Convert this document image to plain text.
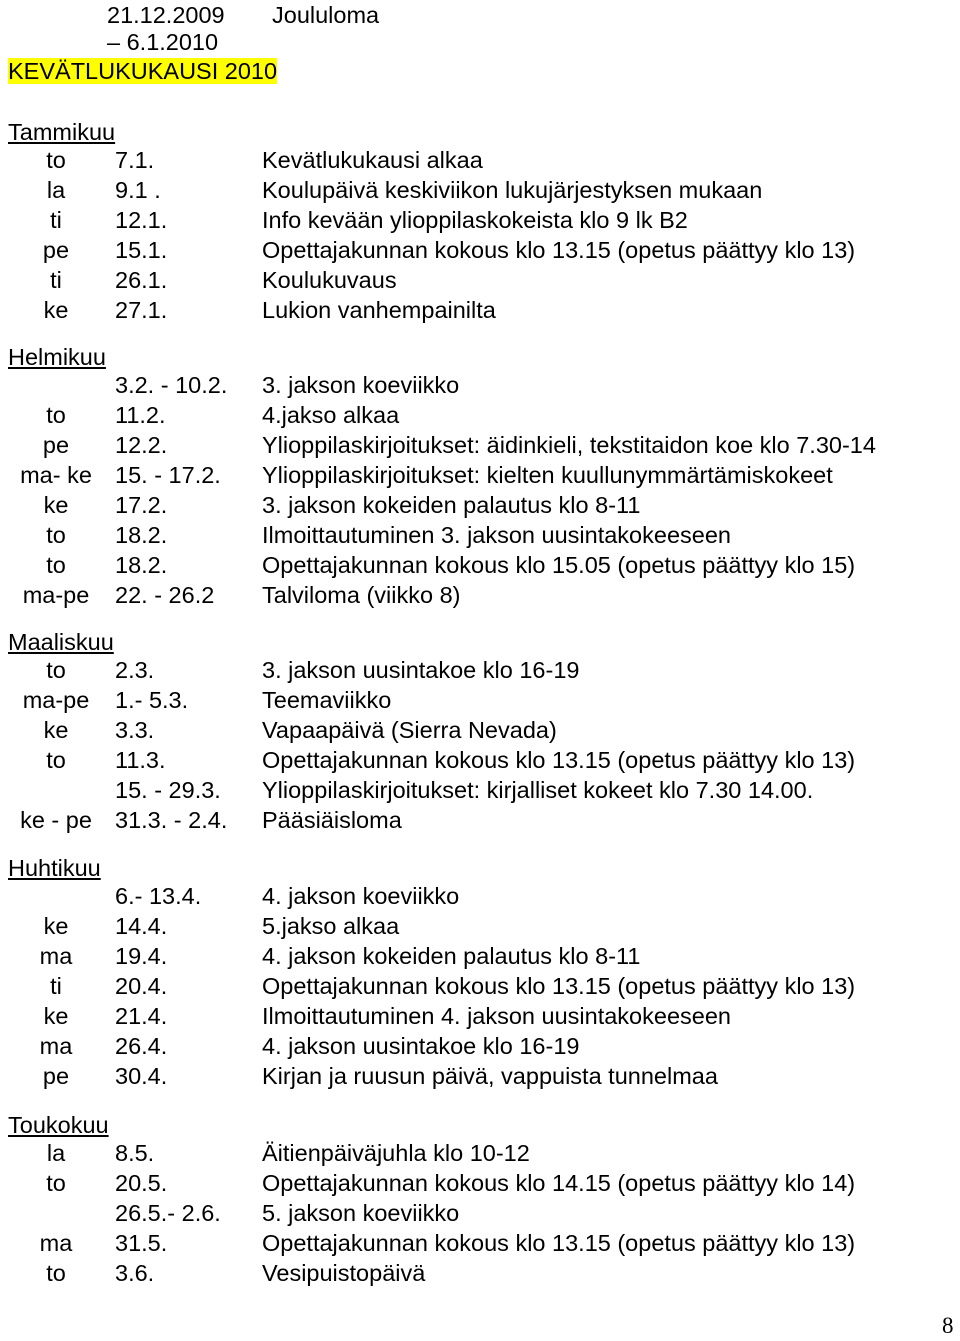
21.12.2009 Joululoma
– 6.1.2010
KEVÄTLUKUKAUSI 2010
Tammikuu
to	7.1.	Kevätlukukausi alkaa
la	9.1 .	Koulupäivä keskiviikon lukujärjestyksen mukaan
ti	12.1.	Info kevään ylioppilaskokeista klo 9 lk B2
pe	15.1.	Opettajakunnan kokous klo 13.15 (opetus päättyy klo 13)
ti	26.1.	Koulukuvaus
ke	27.1.	Lukion vanhempainilta
Helmikuu
3.2. - 10.2. 3. jakson koeviikko
to	11.2.	4.jakso alkaa
pe	12.2.	Ylioppilaskirjoitukset: äidinkieli, tekstitaidon koe klo 7.30-14
ma- ke 15. - 17.2. Ylioppilaskirjoitukset: kielten kuullunymmärtämiskokeet
ke	17.2.	3. jakson kokeiden palautus klo 8-11
to	18.2.	Ilmoittautuminen 3. jakson uusintakokeeseen
to	18.2.	Opettajakunnan kokous klo 15.05 (opetus päättyy klo 15)
ma-pe	22. - 26.2 Talviloma (viikko 8)
Maaliskuu
to	2.3.	3. jakson uusintakoe klo 16-19
ma-pe	1.- 5.3.	Teemaviikko
ke	3.3.	Vapaapäivä (Sierra Nevada)
to	11.3.	Opettajakunnan kokous klo 13.15 (opetus päättyy klo 13)
15. - 29.3. Ylioppilaskirjoitukset: kirjalliset kokeet klo 7.30 14.00.
ke - pe 31.3. - 2.4. Pääsiäisloma
Huhtikuu
6.- 13.4.	4. jakson koeviikko
ke	14.4.	5.jakso alkaa
ma	19.4.	4. jakson kokeiden palautus klo 8-11
ti	20.4.	Opettajakunnan kokous klo 13.15 (opetus päättyy klo 13)
ke	21.4.	Ilmoittautuminen 4. jakson uusintakokeeseen
ma	26.4.	4. jakson uusintakoe klo 16-19
pe	30.4.	Kirjan ja ruusun päivä, vappuista tunnelmaa
Toukokuu
la	8.5.	Äitienpäiväjuhla klo 10-12
to	20.5.	Opettajakunnan kokous klo 14.15 (opetus päättyy klo 14)
26.5.- 2.6. 5. jakson koeviikko
ma	31.5.	Opettajakunnan kokous klo 13.15 (opetus päättyy klo 13)
to	3.6.	Vesipuistopäivä
8
